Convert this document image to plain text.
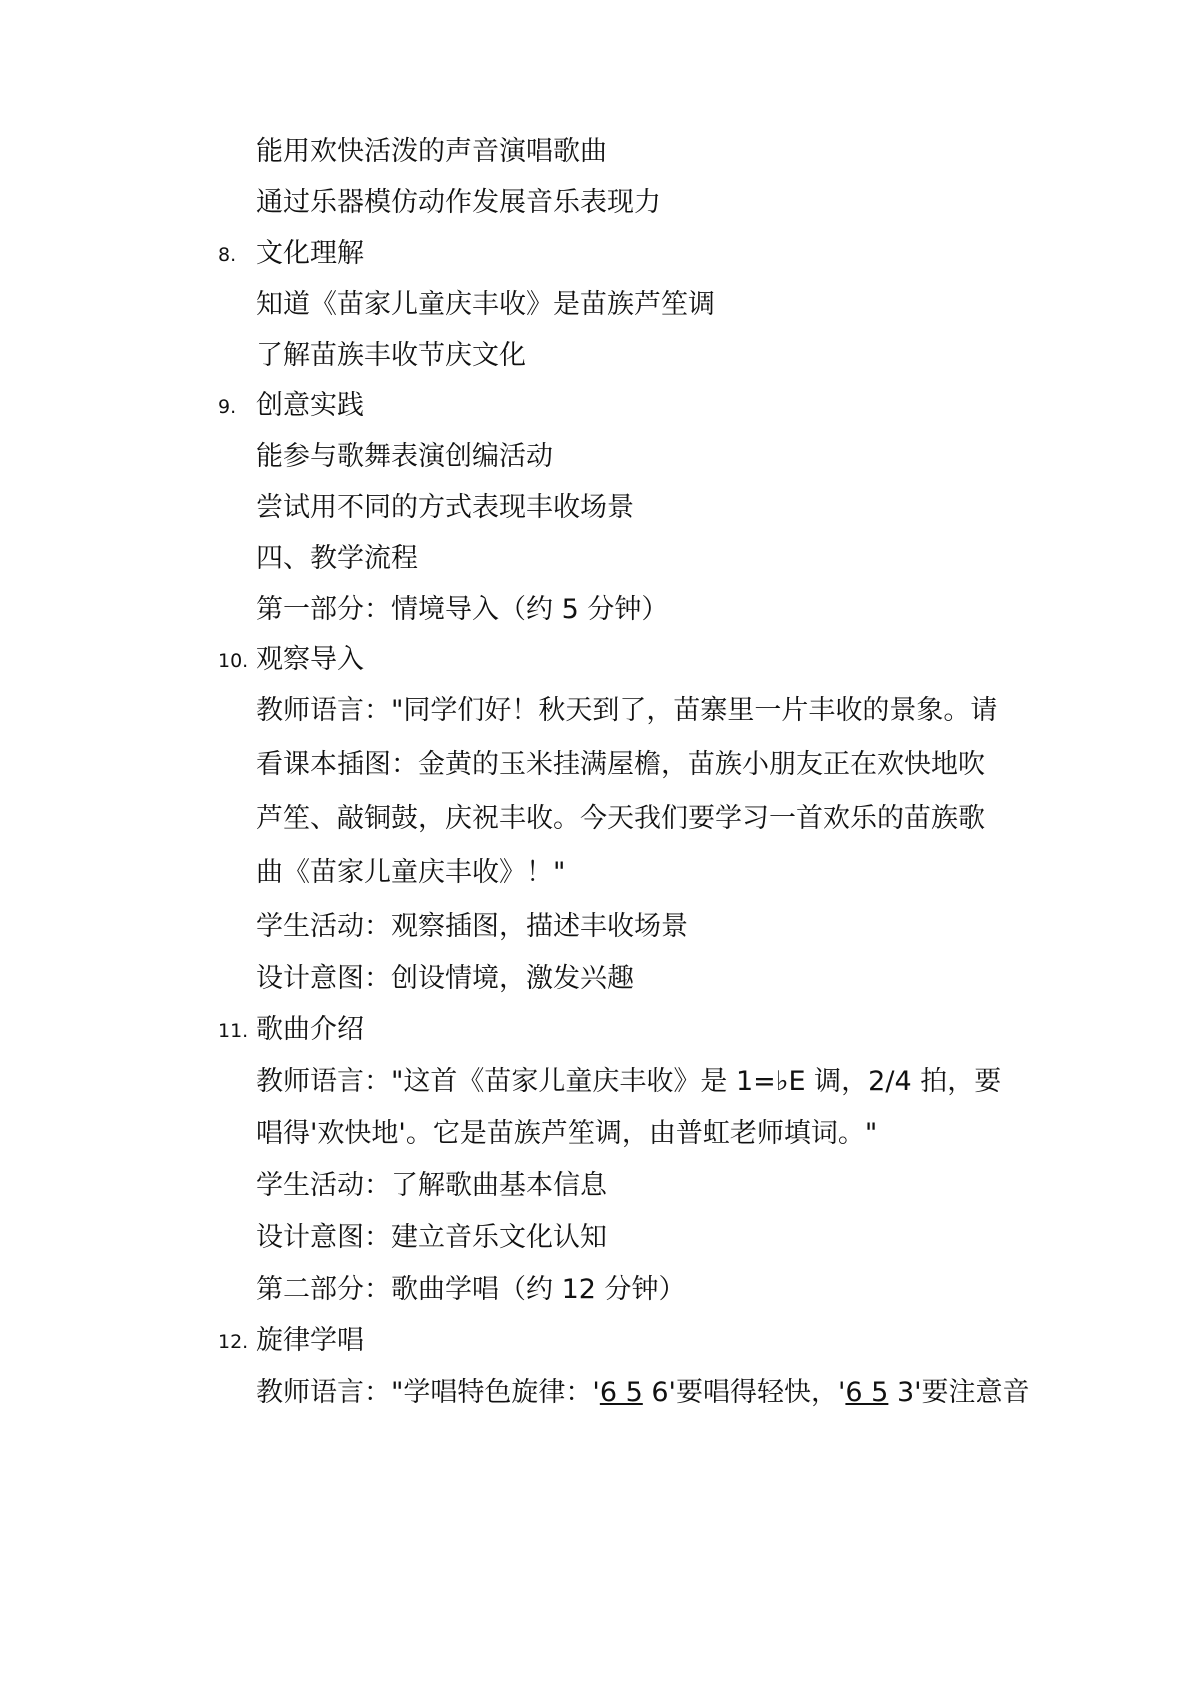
能用欢快活泼的声音演唱歌曲
通过乐器模仿动作发展音乐表现力
8. 文化理解
知道《苗家儿童庆丰收》是苗族芦笙调
了解苗族丰收节庆文化
9. 创意实践
能参与歌舞表演创编活动
尝试用不同的方式表现丰收场景
四、教学流程
第一部分：情境导入（约 5 分钟）
10. 观察导入
教师语言："同学们好！秋天到了，苗寨里一片丰收的景象。请
看课本插图：金黄的玉米挂满屋檐，苗族小朋友正在欢快地吹
芦笙、敲铜鼓，庆祝丰收。今天我们要学习一首欢乐的苗族歌
曲《苗家儿童庆丰收》！"
学生活动：观察插图，描述丰收场景
设计意图：创设情境，激发兴趣
11. 歌曲介绍
教师语言："这首《苗家儿童庆丰收》是 1=♭E 调，2/4 拍，要
唱得'欢快地'。它是苗族芦笙调，由普虹老师填词。"
学生活动：了解歌曲基本信息
设计意图：建立音乐文化认知
第二部分：歌曲学唱（约 12 分钟）
12. 旋律学唱
教师语言："学唱特色旋律：'6 5 6'要唱得轻快，'6 5 3'要注意音
